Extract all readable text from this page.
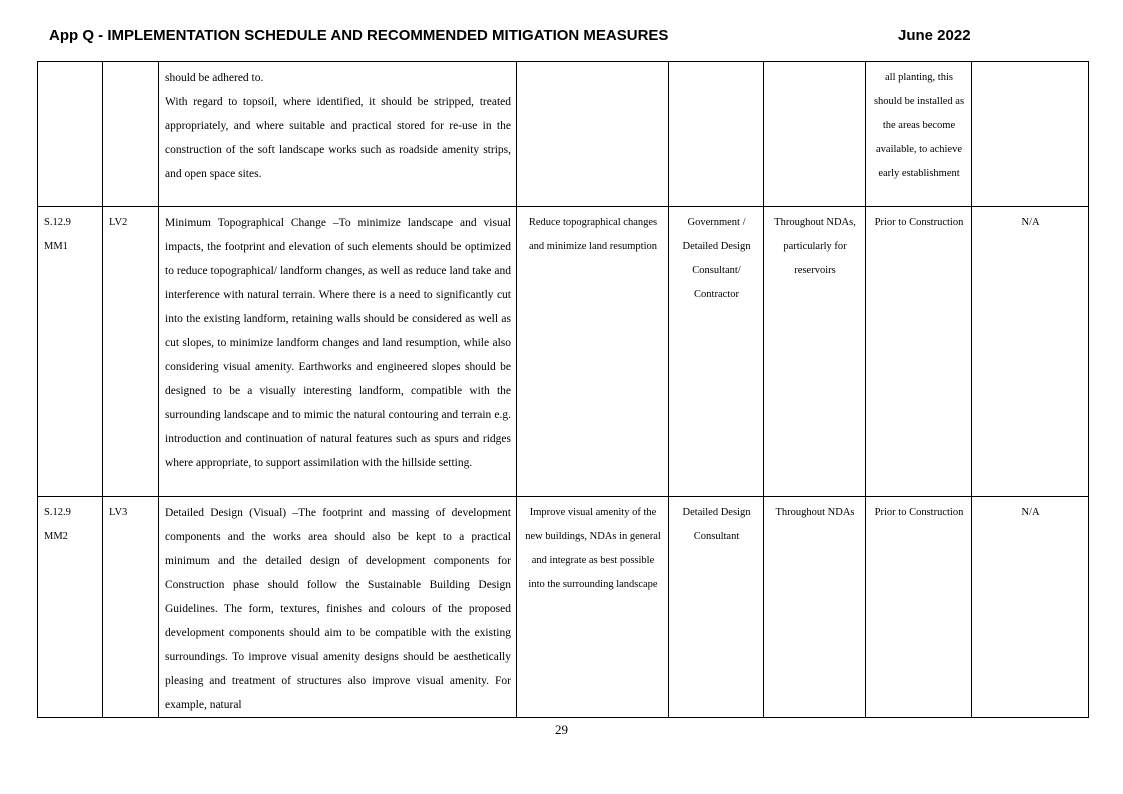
App Q - IMPLEMENTATION SCHEDULE AND RECOMMENDED MITIGATION MEASURES	June 2022

		should be adhered to.
With regard to topsoil, where identified, it should be stripped, treated appropriately, and where suitable and practical stored for re-use in the construction of the soft landscape works such as roadside amenity strips, and open space sites.				all planting, this should be installed as the areas become available, to achieve early establishment	

S.12.9
MM1	LV2	Minimum Topographical Change –To minimize landscape and visual impacts, the footprint and elevation of such elements should be optimized to reduce topographical/ landform changes, as well as reduce land take and interference with natural terrain. Where there is a need to significantly cut into the existing landform, retaining walls should be considered as well as cut slopes, to minimize landform changes and land resumption, while also considering visual amenity. Earthworks and engineered slopes should be designed to be a visually interesting landform, compatible with the surrounding landscape and to mimic the natural contouring and terrain e.g. introduction and continuation of natural features such as spurs and ridges where appropriate, to support assimilation with the hillside setting.	Reduce topographical changes and minimize land resumption	Government / Detailed Design Consultant/ Contractor	Throughout NDAs, particularly for reservoirs	Prior to Construction	N/A

S.12.9
MM2	LV3	Detailed Design (Visual) –The footprint and massing of development components and the works area should also be kept to a practical minimum and the detailed design of development components for Construction phase should follow the Sustainable Building Design Guidelines. The form, textures, finishes and colours of the proposed development components should aim to be compatible with the existing surroundings. To improve visual amenity designs should be aesthetically pleasing and treatment of structures also improve visual amenity. For example, natural	Improve visual amenity of the new buildings, NDAs in general and integrate as best possible into the surrounding landscape	Detailed Design Consultant	Throughout NDAs	Prior to Construction	N/A
29
